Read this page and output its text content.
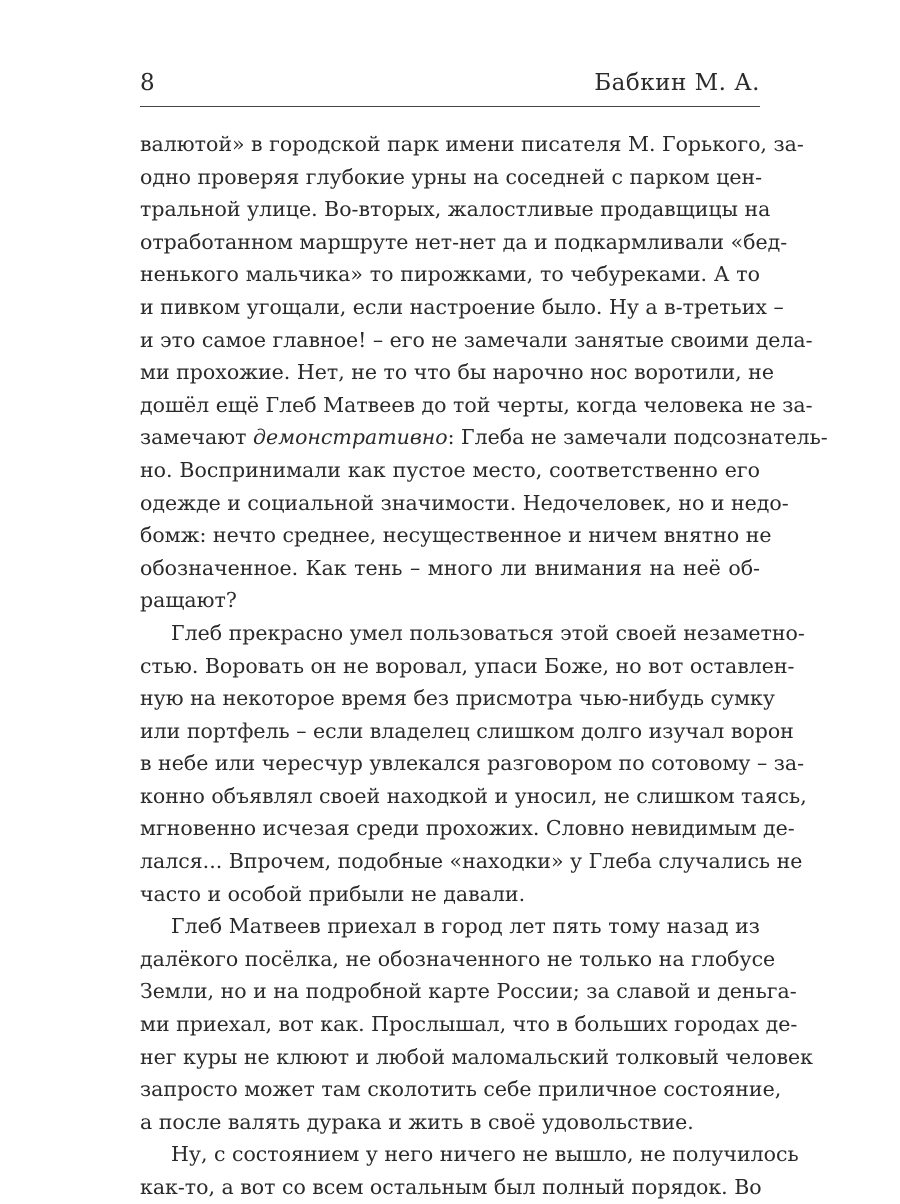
8	Бабкин М. А.
валютой» в городской парк имени писателя М. Горького, за-
одно проверяя глубокие урны на соседней с парком цен-
тральной улице. Во-вторых, жалостливые продавщицы на
отработанном маршруте нет-нет да и подкармливали «бед-
ненького мальчика» то пирожками, то чебуреками. А то
и пивком угощали, если настроение было. Ну а в-третьих –
и это самое главное! – его не замечали занятые своими дела-
ми прохожие. Нет, не то что бы нарочно нос воротили, не
дошёл ещё Глеб Матвеев до той черты, когда человека не за-
замечают демонстративно: Глеба не замечали подсознатель-
но. Воспринимали как пустое место, соответственно его
одежде и социальной значимости. Недочеловек, но и недо-
бомж: нечто среднее, несущественное и ничем внятно не
обозначенное. Как тень – много ли внимания на неё об-
ращают?
Глеб прекрасно умел пользоваться этой своей незаметно-
стью. Воровать он не воровал, упаси Боже, но вот оставлен-
ную на некоторое время без присмотра чью-нибудь сумку
или портфель – если владелец слишком долго изучал ворон
в небе или чересчур увлекался разговором по сотовому – за-
конно объявлял своей находкой и уносил, не слишком таясь,
мгновенно исчезая среди прохожих. Словно невидимым де-
лался... Впрочем, подобные «находки» у Глеба случались не
часто и особой прибыли не давали.
Глеб Матвеев приехал в город лет пять тому назад из
далёкого посёлка, не обозначенного не только на глобусе
Земли, но и на подробной карте России; за славой и деньга-
ми приехал, вот как. Прослышал, что в больших городах де-
нег куры не клюют и любой маломальский толковый человек
запросто может там сколотить себе приличное состояние,
а после валять дурака и жить в своё удовольствие.
Ну, с состоянием у него ничего не вышло, не получилось
как-то, а вот со всем остальным был полный порядок. Во
